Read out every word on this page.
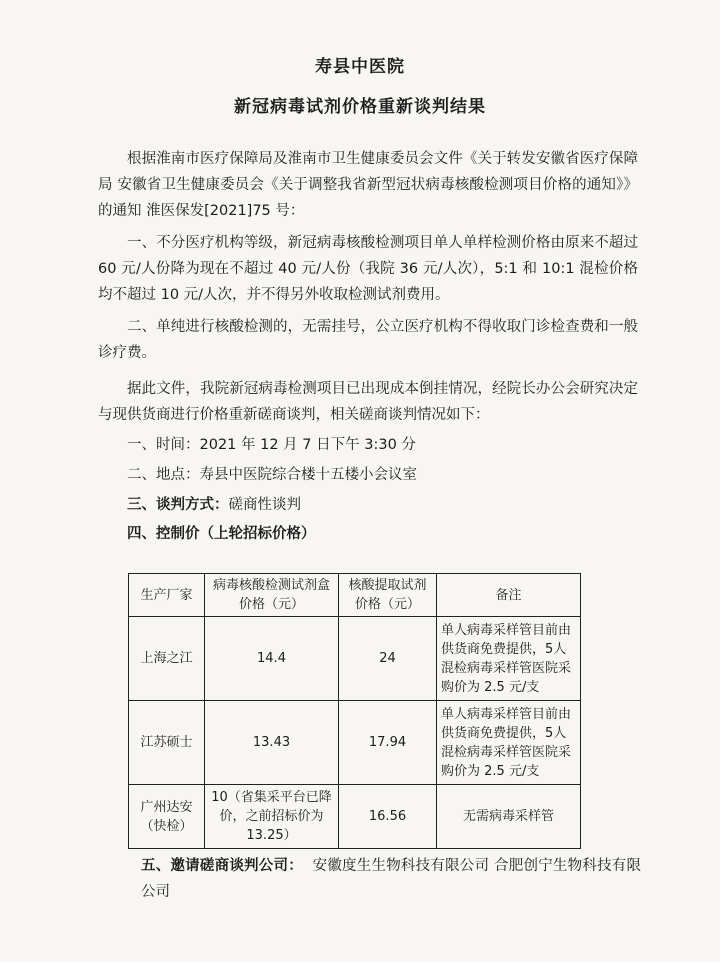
寿县中医院
新冠病毒试剂价格重新谈判结果
根据淮南市医疗保障局及淮南市卫生健康委员会文件《关于转发安徽省医疗保障局 安徽省卫生健康委员会《关于调整我省新型冠状病毒核酸检测项目价格的通知》》的通知 淮医保发[2021]75 号：
一、不分医疗机构等级，新冠病毒核酸检测项目单人单样检测价格由原来不超过 60 元/人份降为现在不超过 40 元/人份（我院 36 元/人次），5:1 和 10:1 混检价格均不超过 10 元/人次，并不得另外收取检测试剂费用。
二、单纯进行核酸检测的，无需挂号，公立医疗机构不得收取门诊检查费和一般诊疗费。
据此文件，我院新冠病毒检测项目已出现成本倒挂情况，经院长办公会研究决定与现供货商进行价格重新磋商谈判，相关磋商谈判情况如下：
一、时间：2021 年 12 月 7 日下午 3:30 分
二、地点：寿县中医院综合楼十五楼小会议室
三、谈判方式：磋商性谈判
四、控制价（上轮招标价格）
生产厂家	病毒核酸检测试剂盒价格（元）	核酸提取试剂价格（元）	备注
上海之江	14.4	24	单人病毒采样管目前由供货商免费提供，5人混检病毒采样管医院采购价为 2.5 元/支
江苏硕士	13.43	17.94	单人病毒采样管目前由供货商免费提供，5人混检病毒采样管医院采购价为 2.5 元/支
广州达安（快检）	10（省集采平台已降价，之前招标价为 13.25）	16.56	无需病毒采样管
五、邀请磋商谈判公司： 安徽度生生物科技有限公司 合肥创宁生物科技有限公司
